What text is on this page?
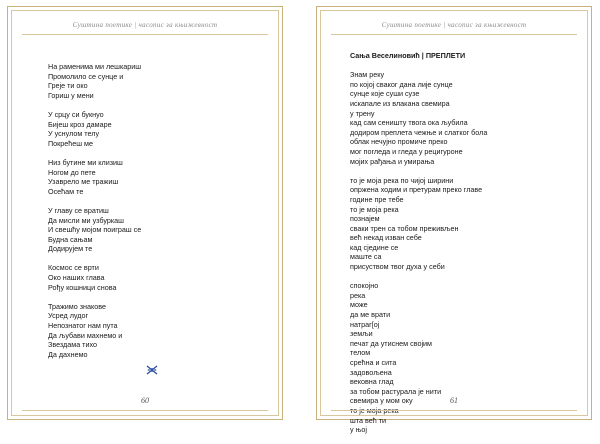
Суштина поетике | часопис за књижевност
На раменима ми лешкариш
Промолило се сунце и
Греје ти око
Гориш у мени
У срцу си букнуо
Бијеш кроз дамаре
У уснулом телу
Покрећеш ме
Низ бутине ми клизиш
Ногом до пете
Узаврело ме тражиш
Осећам те
У главу се вратиш
Да мисли ми узбуркаш
И свешћу мојом поиграш се
Будна сањам
Додирујем те
Космос се врти
Око наших глава
Рођу кошници снова
Тражимо знакове
Усред лудог
Непознатог нам пута
Да љубави махнемо и
Звездама тихо
Да дахнемо
60
Суштина поетике | часопис за књижевност
Сања Веселиновић | ПРЕПЛЕТИ
Знам реку
по којој сваког дана лије сунце
сунце које суши сузе
искапале из влакана свемира
у трену
кад сам сеништу твога ока љубила
додиром преплета чежње и слатког бола
облак нечујно промиче преко
мог погледа и гледа у рецигуроне
мојих рађања и умирања
то је моја река по чијој ширини
опржена ходим и претурам преко главе
године пре тебе
то је моја река
познајем
сваки трен са тобом преживљен
већ некад изван себе
кад сједине се
маште са
присуством твог духа у себи
спокојно
река
може
да ме врати
натраг[ој
земљи
печат да утиснем својим
телом
срећна и сита
задовољена
вековна глад
за тобом растурала је нити
свемира у мом оку
то је моја река
шта већ ти
у њој
61
